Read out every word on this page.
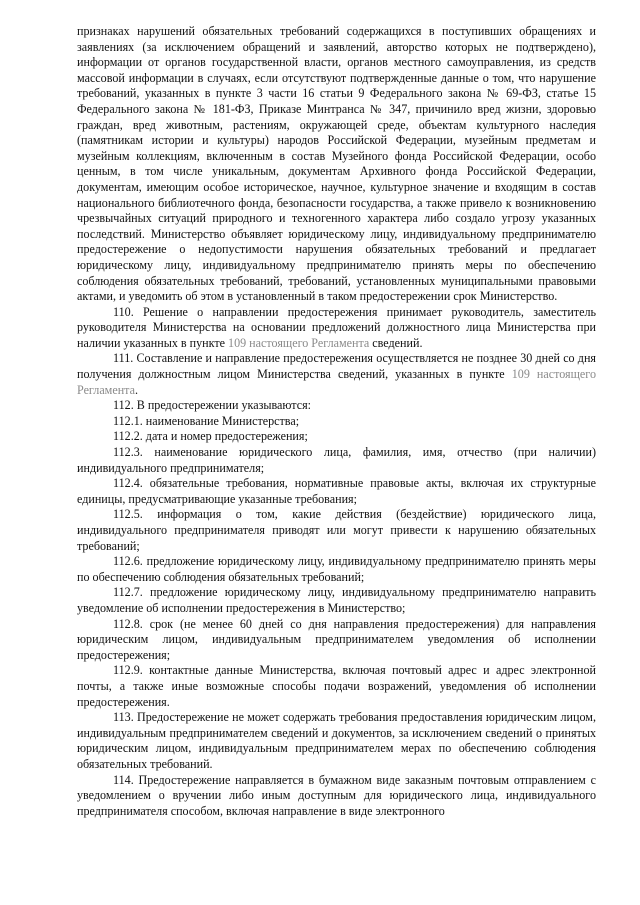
признаках нарушений обязательных требований содержащихся в поступивших обращениях и заявлениях (за исключением обращений и заявлений, авторство которых не подтверждено), информации от органов государственной власти, органов местного самоуправления, из средств массовой информации в случаях, если отсутствуют подтвержденные данные о том, что нарушение требований, указанных в пункте 3 части 16 статьи 9 Федерального закона № 69-ФЗ, статье 15 Федерального закона № 181-ФЗ, Приказе Минтранса № 347, причинило вред жизни, здоровью граждан, вред животным, растениям, окружающей среде, объектам культурного наследия (памятникам истории и культуры) народов Российской Федерации, музейным предметам и музейным коллекциям, включенным в состав Музейного фонда Российской Федерации, особо ценным, в том числе уникальным, документам Архивного фонда Российской Федерации, документам, имеющим особое историческое, научное, культурное значение и входящим в состав национального библиотечного фонда, безопасности государства, а также привело к возникновению чрезвычайных ситуаций природного и техногенного характера либо создало угрозу указанных последствий. Министерство объявляет юридическому лицу, индивидуальному предпринимателю предостережение о недопустимости нарушения обязательных требований и предлагает юридическому лицу, индивидуальному предпринимателю принять меры по обеспечению соблюдения обязательных требований, требований, установленных муниципальными правовыми актами, и уведомить об этом в установленный в таком предостережении срок Министерство.

110. Решение о направлении предостережения принимает руководитель, заместитель руководителя Министерства на основании предложений должностного лица Министерства при наличии указанных в пункте 109 настоящего Регламента сведений.

111. Составление и направление предостережения осуществляется не позднее 30 дней со дня получения должностным лицом Министерства сведений, указанных в пункте 109 настоящего Регламента.

112. В предостережении указываются:

112.1. наименование Министерства;

112.2. дата и номер предостережения;

112.3. наименование юридического лица, фамилия, имя, отчество (при наличии) индивидуального предпринимателя;

112.4. обязательные требования, нормативные правовые акты, включая их структурные единицы, предусматривающие указанные требования;

112.5. информация о том, какие действия (бездействие) юридического лица, индивидуального предпринимателя приводят или могут привести к нарушению обязательных требований;

112.6. предложение юридическому лицу, индивидуальному предпринимателю принять меры по обеспечению соблюдения обязательных требований;

112.7. предложение юридическому лицу, индивидуальному предпринимателю направить уведомление об исполнении предостережения в Министерство;

112.8. срок (не менее 60 дней со дня направления предостережения) для направления юридическим лицом, индивидуальным предпринимателем уведомления об исполнении предостережения;

112.9. контактные данные Министерства, включая почтовый адрес и адрес электронной почты, а также иные возможные способы подачи возражений, уведомления об исполнении предостережения.

113. Предостережение не может содержать требования предоставления юридическим лицом, индивидуальным предпринимателем сведений и документов, за исключением сведений о принятых юридическим лицом, индивидуальным предпринимателем мерах по обеспечению соблюдения обязательных требований.

114. Предостережение направляется в бумажном виде заказным почтовым отправлением с уведомлением о вручении либо иным доступным для юридического лица, индивидуального предпринимателя способом, включая направление в виде электронного
